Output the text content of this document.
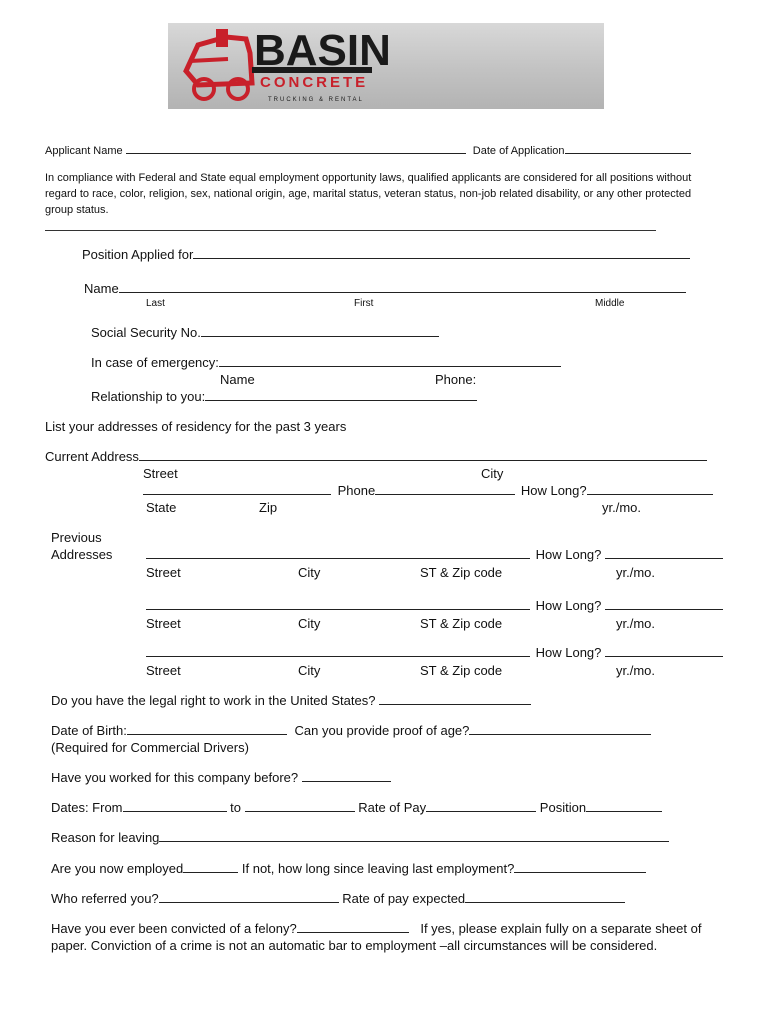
BASIN
CONCRETE
TRUCKING & RENTAL
Applicant Name	Date of Application
In compliance with Federal and State equal employment opportunity laws, qualified applicants are considered for all positions without
regard to race, color, religion, sex, national origin, age, marital status, veteran status, non-job related disability, or any other protected
group status.
Position Applied for
Name
Last	First	Middle
Social Security No.
In case of emergency:
Name	Phone:
Relationship to you:
List your addresses of residency for the past 3 years
Current Address
Street	City
Phone	How Long?
State	Zip	yr./mo.
Previous
Addresses	How Long?
Street	City	ST & Zip code	yr./mo.
How Long?
Street	City	ST & Zip code	yr./mo.
How Long?
Street	City	ST & Zip code	yr./mo.
Do you have the legal right to work in the United States?
Date of Birth:	Can you provide proof of age?
(Required for Commercial Drivers)
Have you worked for this company before?
Dates: From	to	Rate of Pay	Position
Reason for leaving
Are you now employed	If not, how long since leaving last employment?
Who referred you?	Rate of pay expected
Have you ever been convicted of a felony?	If yes, please explain fully on a separate sheet of
paper. Conviction of a crime is not an automatic bar to employment –all circumstances will be considered.
